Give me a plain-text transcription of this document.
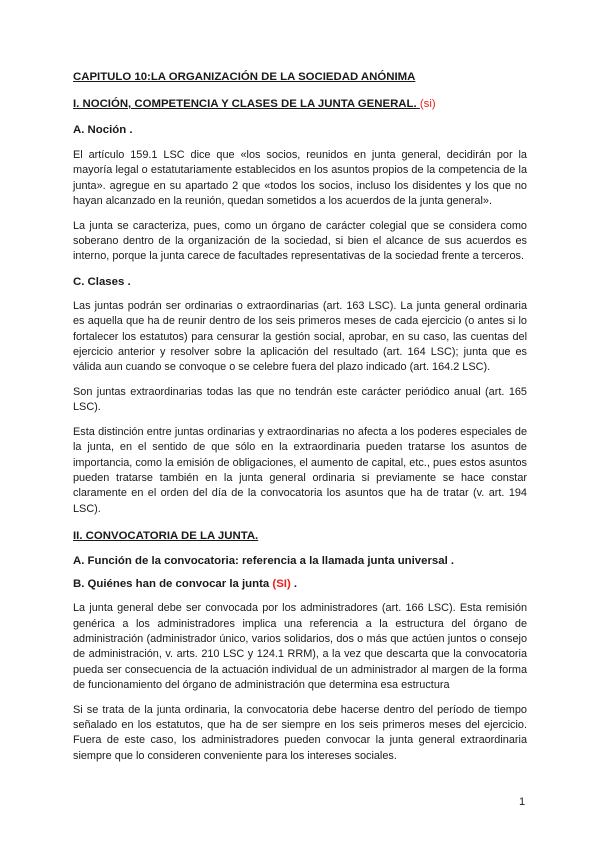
CAPITULO 10:LA ORGANIZACIÓN DE LA SOCIEDAD ANÓNIMA
I. NOCIÓN, COMPETENCIA Y CLASES DE LA JUNTA GENERAL. (si)
A. Noción .

El artículo 159.1 LSC dice que «los socios, reunidos en junta general, decidirán por la mayoría legal o estatutariamente establecidos en los asuntos propios de la competencia de la junta». agregue en su apartado 2 que «todos los socios, incluso los disidentes y los que no hayan alcanzado en la reunión, quedan sometidos a los acuerdos de la junta general».

La junta se caracteriza, pues, como un órgano de carácter colegial que se considera como soberano dentro de la organización de la sociedad, si bien el alcance de sus acuerdos es interno, porque la junta carece de facultades representativas de la sociedad frente a terceros.

C. Clases .

Las juntas podrán ser ordinarias o extraordinarias (art. 163 LSC). La junta general ordinaria es aquella que ha de reunir dentro de los seis primeros meses de cada ejercicio (o antes si lo fortalecer los estatutos) para censurar la gestión social, aprobar, en su caso, las cuentas del ejercicio anterior y resolver sobre la aplicación del resultado (art. 164 LSC); junta que es válida aun cuando se convoque o se celebre fuera del plazo indicado (art. 164.2 LSC).

Son juntas extraordinarias todas las que no tendrán este carácter periódico anual (art. 165 LSC).

Esta distinción entre juntas ordinarias y extraordinarias no afecta a los poderes especiales de la junta, en el sentido de que sólo en la extraordinaria pueden tratarse los asuntos de importancia, como la emisión de obligaciones, el aumento de capital, etc., pues estos asuntos pueden tratarse también en la junta general ordinaria si previamente se hace constar claramente en el orden del día de la convocatoria los asuntos que ha de tratar (v. art. 194 LSC).

II. CONVOCATORIA DE LA JUNTA.
A. Función de la convocatoria: referencia a la llamada junta universal .
B. Quiénes han de convocar la junta (SI) .

La junta general debe ser convocada por los administradores (art. 166 LSC). Esta remisión genérica a los administradores implica una referencia a la estructura del órgano de administración (administrador único, varios solidarios, dos o más que actúen juntos o consejo de administración, v. arts. 210 LSC y 124.1 RRM), a la vez que descarta que la convocatoria pueda ser consecuencia de la actuación individual de un administrador al margen de la forma de funcionamiento del órgano de administración que determina esa estructura

Si se trata de la junta ordinaria, la convocatoria debe hacerse dentro del período de tiempo señalado en los estatutos, que ha de ser siempre en los seis primeros meses del ejercicio. Fuera de este caso, los administradores pueden convocar la junta general extraordinaria siempre que lo consideren conveniente para los intereses sociales.

1
